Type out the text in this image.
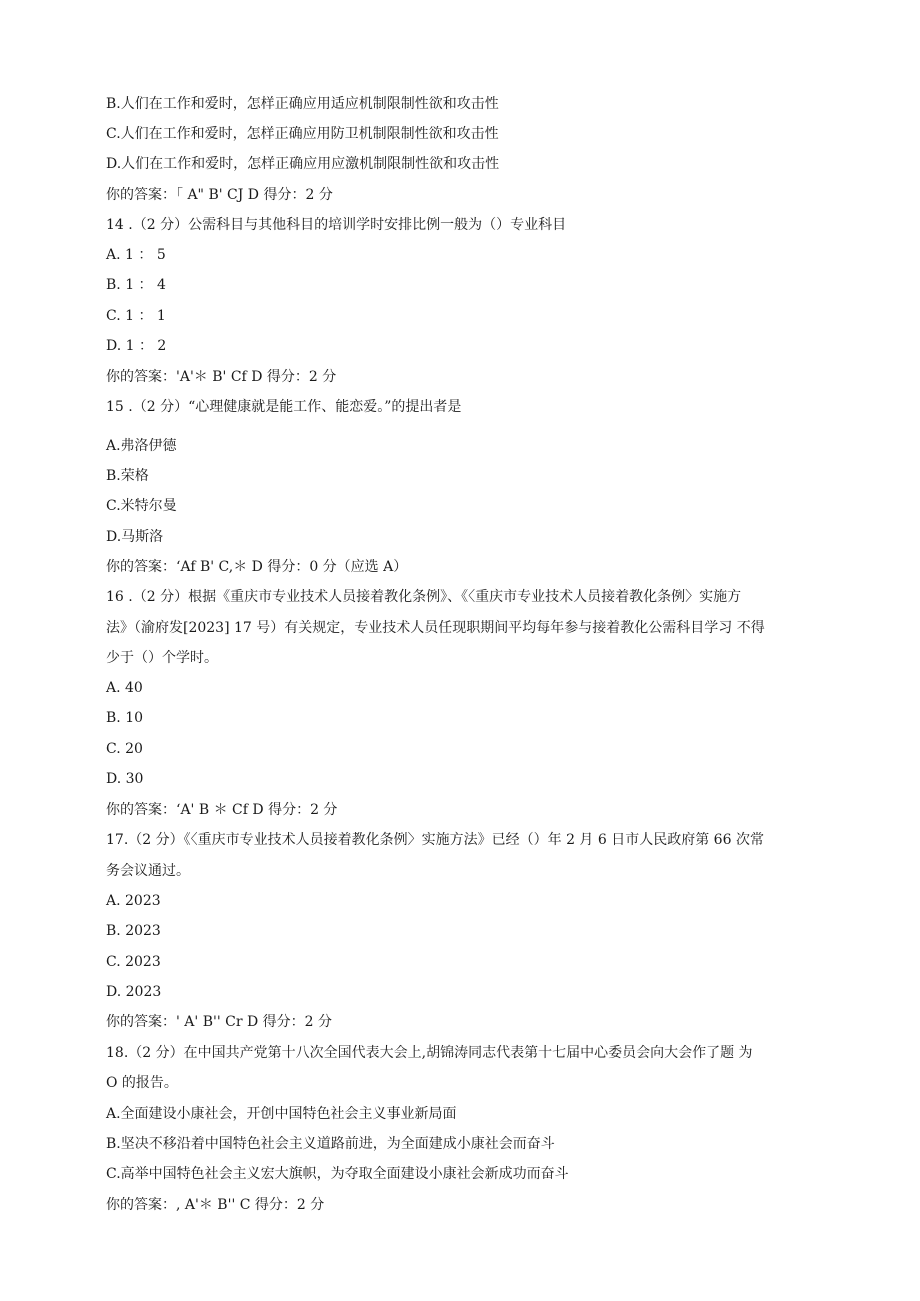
B.人们在工作和爱时，怎样正确应用适应机制限制性欲和攻击性
C.人们在工作和爱时，怎样正确应用防卫机制限制性欲和攻击性
D.人们在工作和爱时，怎样正确应用应激机制限制性欲和攻击性
你的答案：「 A" B' CJ D 得分：2 分
14 .（2 分）公需科目与其他科目的培训学时安排比例一般为（）专业科目
A. 1 ： 5
B. 1 ： 4
C. 1 ： 1
D. 1 ： 2
你的答案：'A'＊ B' Cf D 得分：2 分
15 .（2 分）“心理健康就是能工作、能恋爱。”的提出者是
A.弗洛伊德
B.荣格
C.米特尔曼
D.马斯洛
你的答案：‘Af B' C,＊ D 得分：0 分（应选 A）
16 .（2 分）根据《重庆市专业技术人员接着教化条例》、《〈重庆市专业技术人员接着教化条例〉实施方
法》（渝府发[2023] 17 号）有关规定，专业技术人员任现职期间平均每年参与接着教化公需科目学习 不得
少于（）个学时。
A. 40
B. 10
C. 20
D. 30
你的答案：‘A' B ＊ Cf D 得分：2 分
17.（2 分）《〈重庆市专业技术人员接着教化条例〉实施方法》已经（）年 2 月 6 日市人民政府第 66 次常
务会议通过。
A. 2023
B. 2023
C. 2023
D. 2023
你的答案：' A' B'' Cr D 得分：2 分
18.（2 分）在中国共产党第十八次全国代表大会上,胡锦涛同志代表第十七届中心委员会向大会作了题 为
O 的报告。
A.全面建设小康社会，开创中国特色社会主义事业新局面
B.坚决不移沿着中国特色社会主义道路前进，为全面建成小康社会而奋斗
C.高举中国特色社会主义宏大旗帜，为夺取全面建设小康社会新成功而奋斗
你的答案：, A'＊ B'' C 得分：2 分
